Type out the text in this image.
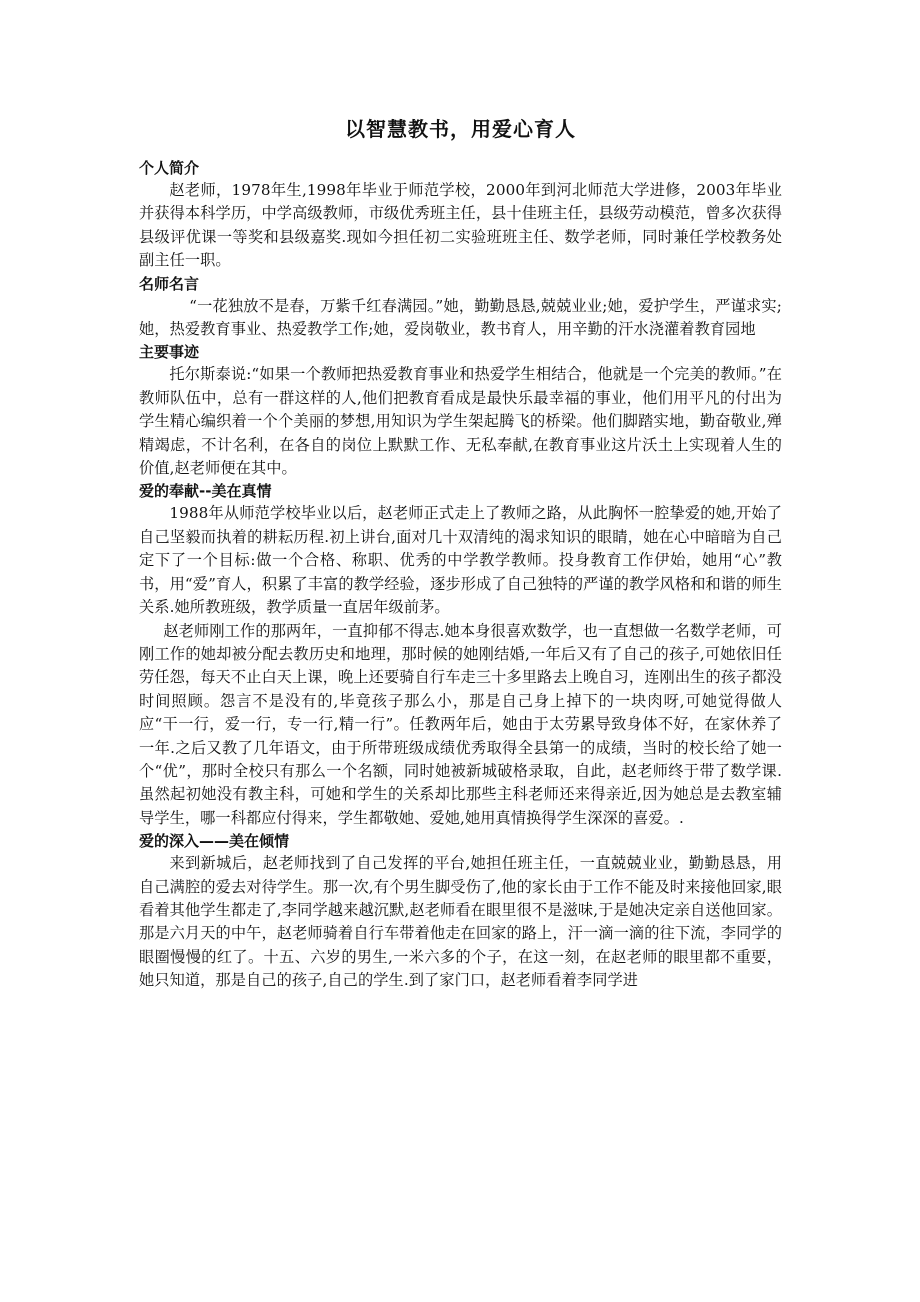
以智慧教书，用爱心育人
个人简介

赵老师，1978年生,1998年毕业于师范学校，2000年到河北师范大学进修，2003年毕业并获得本科学历，中学高级教师，市级优秀班主任，县十佳班主任，县级劳动模范，曾多次获得县级评优课一等奖和县级嘉奖.现如今担任初二实验班班主任、数学老师，同时兼任学校教务处副主任一职。

名师名言

“一花独放不是春，万紫千红春满园。”她，勤勤恳恳,兢兢业业;她，爱护学生，严谨求实;她，热爱教育事业、热爱教学工作;她，爱岗敬业，教书育人，用辛勤的汗水浇灌着教育园地

主要事迹

托尔斯泰说:“如果一个教师把热爱教育事业和热爱学生相结合，他就是一个完美的教师。”在教师队伍中，总有一群这样的人,他们把教育看成是最快乐最幸福的事业，他们用平凡的付出为学生精心编织着一个个美丽的梦想,用知识为学生架起腾飞的桥梁。他们脚踏实地，勤奋敬业,殚精竭虑，不计名利，在各自的岗位上默默工作、无私奉献,在教育事业这片沃土上实现着人生的价值,赵老师便在其中。

爱的奉献--美在真情

1988年从师范学校毕业以后，赵老师正式走上了教师之路，从此胸怀一腔挚爱的她,开始了自己坚毅而执着的耕耘历程.初上讲台,面对几十双清纯的渴求知识的眼睛，她在心中暗暗为自己定下了一个目标:做一个合格、称职、优秀的中学教学教师。投身教育工作伊始，她用“心”教书，用“爱”育人，积累了丰富的教学经验，逐步形成了自己独特的严谨的教学风格和和谐的师生关系.她所教班级，教学质量一直居年级前茅。

赵老师刚工作的那两年，一直抑郁不得志.她本身很喜欢数学，也一直想做一名数学老师，可刚工作的她却被分配去教历史和地理，那时候的她刚结婚,一年后又有了自己的孩子,可她依旧任劳任怨，每天不止白天上课，晚上还要骑自行车走三十多里路去上晚自习，连刚出生的孩子都没时间照顾。怨言不是没有的,毕竟孩子那么小，那是自己身上掉下的一块肉呀,可她觉得做人应“干一行，爱一行，专一行,精一行”。任教两年后，她由于太劳累导致身体不好，在家休养了一年.之后又教了几年语文，由于所带班级成绩优秀取得全县第一的成绩，当时的校长给了她一个“优”，那时全校只有那么一个名额，同时她被新城破格录取，自此，赵老师终于带了数学课.虽然起初她没有教主科，可她和学生的关系却比那些主科老师还来得亲近,因为她总是去教室辅导学生，哪一科都应付得来，学生都敬她、爱她,她用真情换得学生深深的喜爱。.

爱的深入——美在倾情

来到新城后，赵老师找到了自己发挥的平台,她担任班主任，一直兢兢业业，勤勤恳恳，用自己满腔的爱去对待学生。那一次,有个男生脚受伤了,他的家长由于工作不能及时来接他回家,眼看着其他学生都走了,李同学越来越沉默,赵老师看在眼里很不是滋味,于是她决定亲自送他回家。那是六月天的中午，赵老师骑着自行车带着他走在回家的路上，汗一滴一滴的往下流，李同学的眼圈慢慢的红了。十五、六岁的男生,一米六多的个子，在这一刻，在赵老师的眼里都不重要，她只知道，那是自己的孩子,自己的学生.到了家门口，赵老师看着李同学进
